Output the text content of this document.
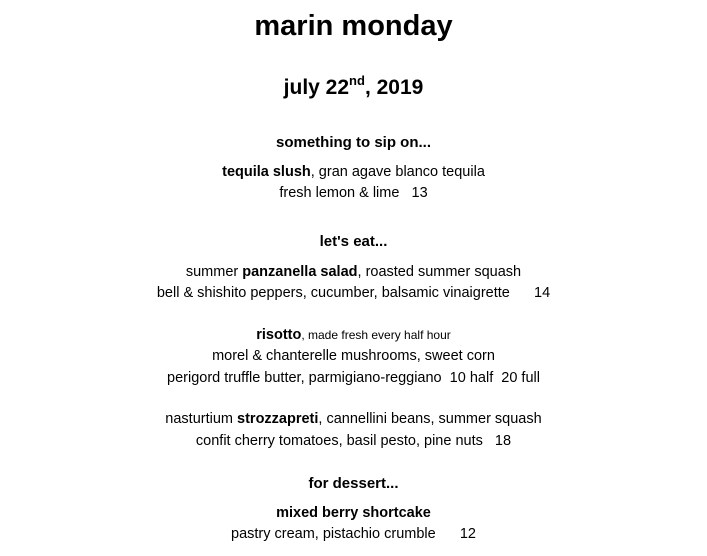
marin monday
july 22nd, 2019
something to sip on...
tequila slush, gran agave blanco tequila
fresh lemon & lime   13
let's eat...
summer panzanella salad, roasted summer squash
bell & shishito peppers, cucumber, balsamic vinaigrette      14
risotto, made fresh every half hour
morel & chanterelle mushrooms, sweet corn
perigord truffle butter, parmigiano-reggiano  10 half  20 full
nasturtium strozzapreti, cannellini beans, summer squash
confit cherry tomatoes, basil pesto, pine nuts   18
for dessert...
mixed berry shortcake
pastry cream, pistachio crumble      12
